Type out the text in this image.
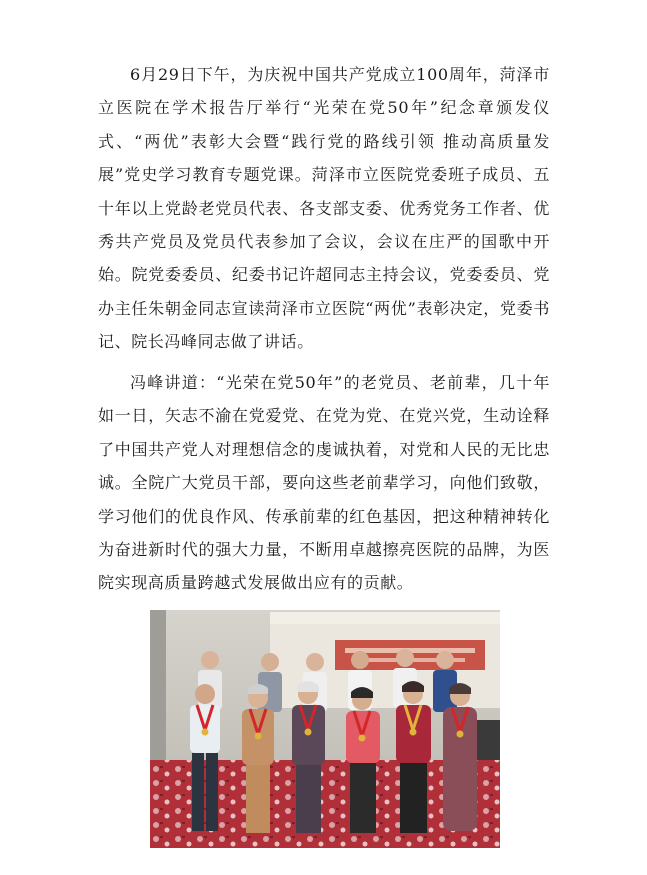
6月29日下午，为庆祝中国共产党成立100周年，菏泽市立医院在学术报告厅举行“光荣在党50年”纪念章颁发仪式、“两优”表彰大会暨“践行党的路线引领 推动高质量发展”党史学习教育专题党课。菏泽市立医院党委班子成员、五十年以上党龄老党员代表、各支部支委、优秀党务工作者、优秀共产党员及党员代表参加了会议，会议在庄严的国歌中开始。院党委委员、纪委书记许超同志主持会议，党委委员、党办主任朱朝金同志宣读菏泽市立医院“两优”表彰决定，党委书记、院长冯峰同志做了讲话。

冯峰讲道：“光荣在党50年”的老党员、老前辈，几十年如一日，矢志不渝在党爱党、在党为党、在党兴党，生动诠释了中国共产党人对理想信念的虔诚执着，对党和人民的无比忠诚。全院广大党员干部，要向这些老前辈学习，向他们致敬，学习他们的优良作风、传承前辈的红色基因，把这种精神转化为奋进新时代的强大力量，不断用卓越擦亮医院的品牌，为医院实现高质量跨越式发展做出应有的贡献。
